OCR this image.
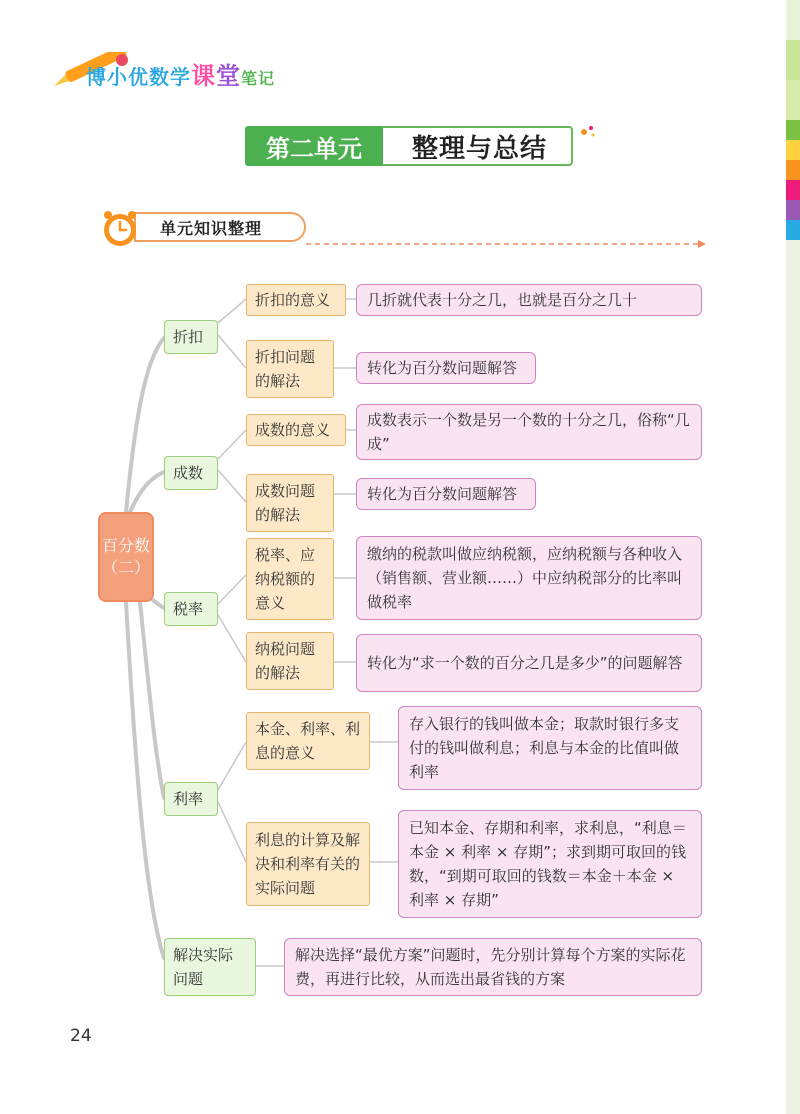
博小优数学课堂笔记
第二单元	整理与总结
单元知识整理
百分数（二）
折扣
折扣的意义	几折就代表十分之几，也就是百分之几十
折扣问题的解法
转化为百分数问题解答
成数
成数的意义
成数表示一个数是另一个数的十分之几，俗称“几成”
成数问题的解法
转化为百分数问题解答
税率
税率、应纳税额的意义
缴纳的税款叫做应纳税额，应纳税额与各种收入（销售额、营业额……）中应纳税部分的比率叫做税率
纳税问题的解法
转化为“求一个数的百分之几是多少”的问题解答
利率
本金、利率、利息的意义
存入银行的钱叫做本金；取款时银行多支付的钱叫做利息；利息与本金的比值叫做利率
利息的计算及解决和利率有关的实际问题
已知本金、存期和利率，求利息，“利息＝本金 × 利率 × 存期”；求到期可取回的钱数，“到期可取回的钱数＝本金＋本金 × 利率 × 存期”
解决实际问题
解决选择“最优方案”问题时，先分别计算每个方案的实际花费，再进行比较，从而选出最省钱的方案
24
